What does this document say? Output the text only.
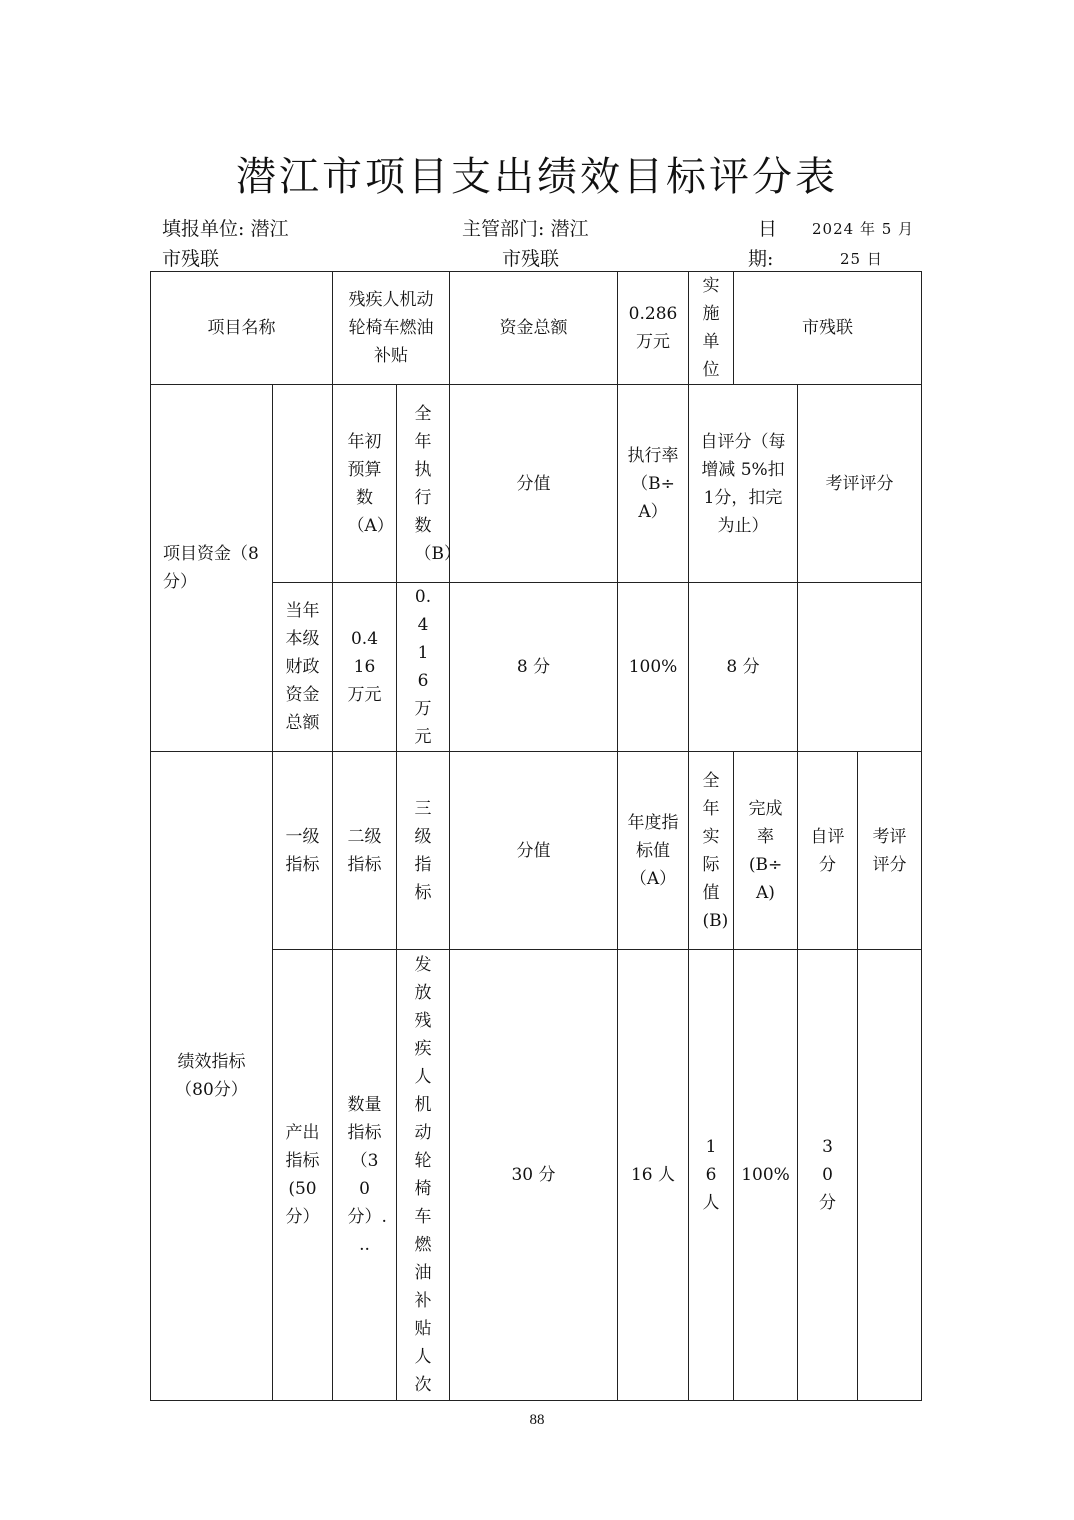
潜江市项目支出绩效目标评分表
填报单位: 潜江
市残联
主管部门: 潜江
市残联
日
期:
2024 年 5 月
25 日
项目名称		残疾人机动轮椅车燃油补贴		资金总额	0.286 万元	实施单位	市残联		
项目资金（8分）		年初预算数（A）	全年执行数（B）	分值	执行率（B÷A）	自评分（每增减 5%扣1分，扣完为止）		考评评分	
	当年本级财政资金总额	0.416 万元	0.416 万元	8 分	100%	8 分			
绩效指标（80分）	一级指标	二级指标	三级指标	分值	年度指标值（A）	全年实际值(B)	完成率(B÷A)	自评分	考评评分
	产出指标(50分）	数量指标（30分）. ..	发放残疾人机动轮椅车燃油补贴人次	30 分	16 人	16 人	100%	30 分	
88
